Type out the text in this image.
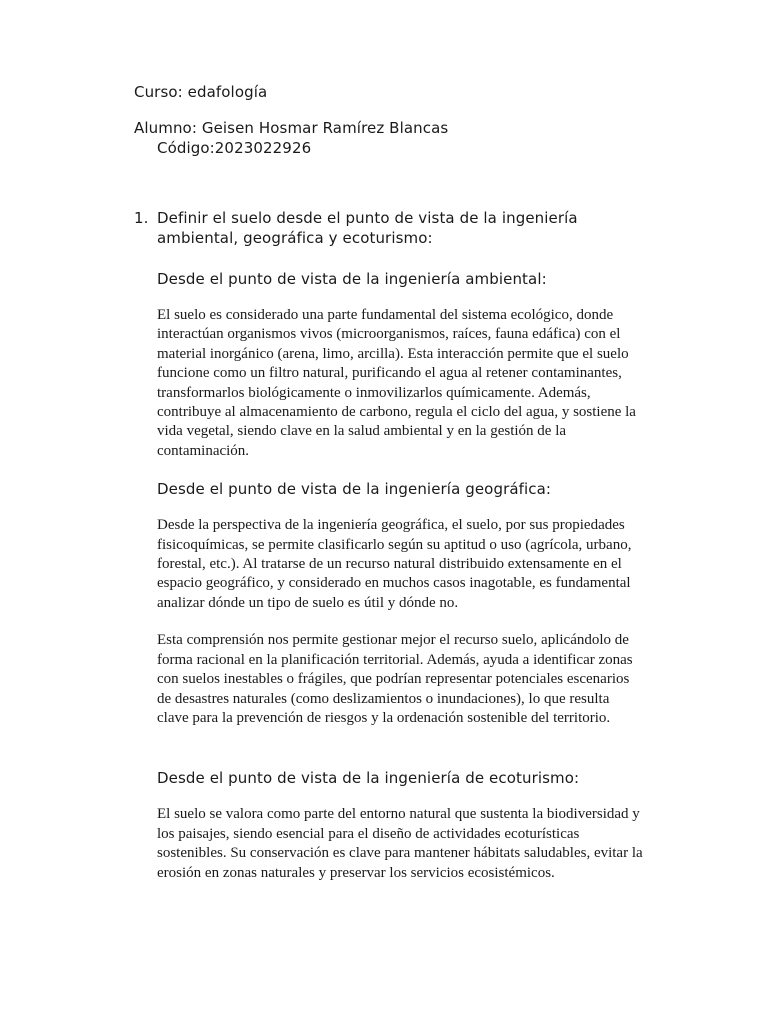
Curso: edafología
Alumno: Geisen Hosmar Ramírez Blancas
Código:2023022926
1. Definir el suelo desde el punto de vista de la ingeniería
ambiental, geográfica y ecoturismo:
Desde el punto de vista de la ingeniería ambiental:
El suelo es considerado una parte fundamental del sistema ecológico, donde
interactúan organismos vivos (microorganismos, raíces, fauna edáfica) con el
material inorgánico (arena, limo, arcilla). Esta interacción permite que el suelo
funcione como un filtro natural, purificando el agua al retener contaminantes,
transformarlos biológicamente o inmovilizarlos químicamente. Además,
contribuye al almacenamiento de carbono, regula el ciclo del agua, y sostiene la
vida vegetal, siendo clave en la salud ambiental y en la gestión de la
contaminación.
Desde el punto de vista de la ingeniería geográfica:
Desde la perspectiva de la ingeniería geográfica, el suelo, por sus propiedades
fisicoquímicas, se permite clasificarlo según su aptitud o uso (agrícola, urbano,
forestal, etc.). Al tratarse de un recurso natural distribuido extensamente en el
espacio geográfico, y considerado en muchos casos inagotable, es fundamental
analizar dónde un tipo de suelo es útil y dónde no.
Esta comprensión nos permite gestionar mejor el recurso suelo, aplicándolo de
forma racional en la planificación territorial. Además, ayuda a identificar zonas
con suelos inestables o frágiles, que podrían representar potenciales escenarios
de desastres naturales (como deslizamientos o inundaciones), lo que resulta
clave para la prevención de riesgos y la ordenación sostenible del territorio.
Desde el punto de vista de la ingeniería de ecoturismo:
El suelo se valora como parte del entorno natural que sustenta la biodiversidad y
los paisajes, siendo esencial para el diseño de actividades ecoturísticas
sostenibles. Su conservación es clave para mantener hábitats saludables, evitar la
erosión en zonas naturales y preservar los servicios ecosistémicos.
